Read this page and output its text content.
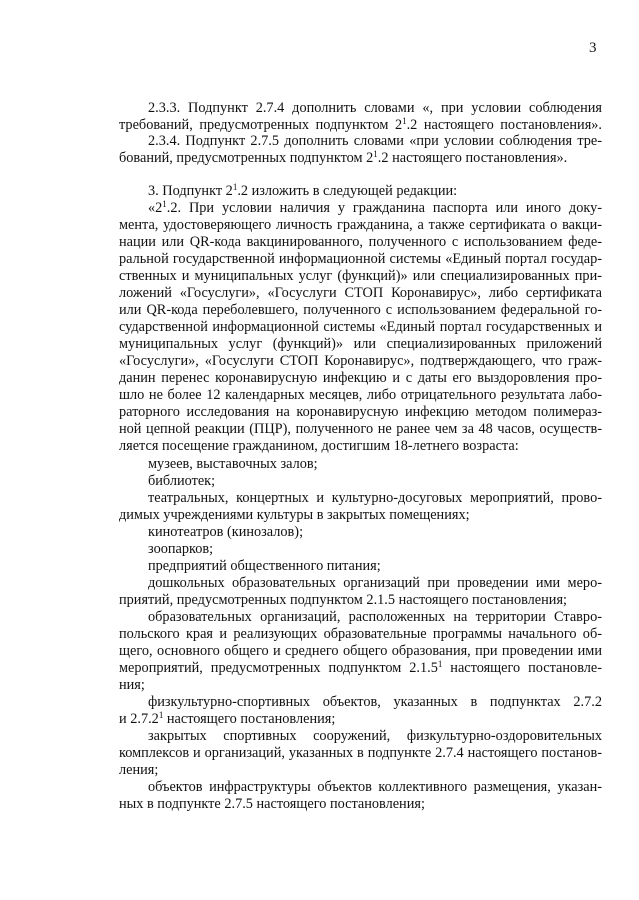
3
2.3.3. Подпункт 2.7.4 дополнить словами «, при условии соблюдения
требований, предусмотренных подпунктом $2^1.2$ настоящего постановления».
2.3.4. Подпункт 2.7.5 дополнить словами «при условии соблюдения тре-
бований, предусмотренных подпунктом $2^1.2$ настоящего постановления».
3. Подпункт $2^1.2$ изложить в следующей редакции:
«$2^1.2$. При условии наличия у гражданина паспорта или иного доку-
мента, удостоверяющего личность гражданина, а также сертификата о вакци-
нации или QR-кода вакцинированного, полученного с использованием феде-
ральной государственной информационной системы «Единый портал государ-
ственных и муниципальных услуг (функций)» или специализированных при-
ложений «Госуслуги», «Госуслуги СТОП Коронавирус», либо сертификата
или QR-кода переболевшего, полученного с использованием федеральной го-
сударственной информационной системы «Единый портал государственных и
муниципальных услуг (функций)» или специализированных приложений
«Госуслуги», «Госуслуги СТОП Коронавирус», подтверждающего, что граж-
данин перенес коронавирусную инфекцию и с даты его выздоровления про-
шло не более 12 календарных месяцев, либо отрицательного результата лабо-
раторного исследования на коронавирусную инфекцию методом полимераз-
ной цепной реакции (ПЦР), полученного не ранее чем за 48 часов, осуществ-
ляется посещение гражданином, достигшим 18-летнего возраста:
музеев, выставочных залов;
библиотек;
театральных, концертных и культурно-досуговых мероприятий, прово-
димых учреждениями культуры в закрытых помещениях;
кинотеатров (кинозалов);
зоопарков;
предприятий общественного питания;
дошкольных образовательных организаций при проведении ими меро-
приятий, предусмотренных подпунктом 2.1.5 настоящего постановления;
образовательных организаций, расположенных на территории Ставро-
польского края и реализующих образовательные программы начального об-
щего, основного общего и среднего общего образования, при проведении ими
мероприятий, предусмотренных подпунктом 2.1.5$^1$ настоящего постановле-
ния;
физкультурно-спортивных объектов, указанных в подпунктах 2.7.2
и 2.7.2$^1$ настоящего постановления;
закрытых спортивных сооружений, физкультурно-оздоровительных
комплексов и организаций, указанных в подпункте 2.7.4 настоящего постанов-
ления;
объектов инфраструктуры объектов коллективного размещения, указан-
ных в подпункте 2.7.5 настоящего постановления;
